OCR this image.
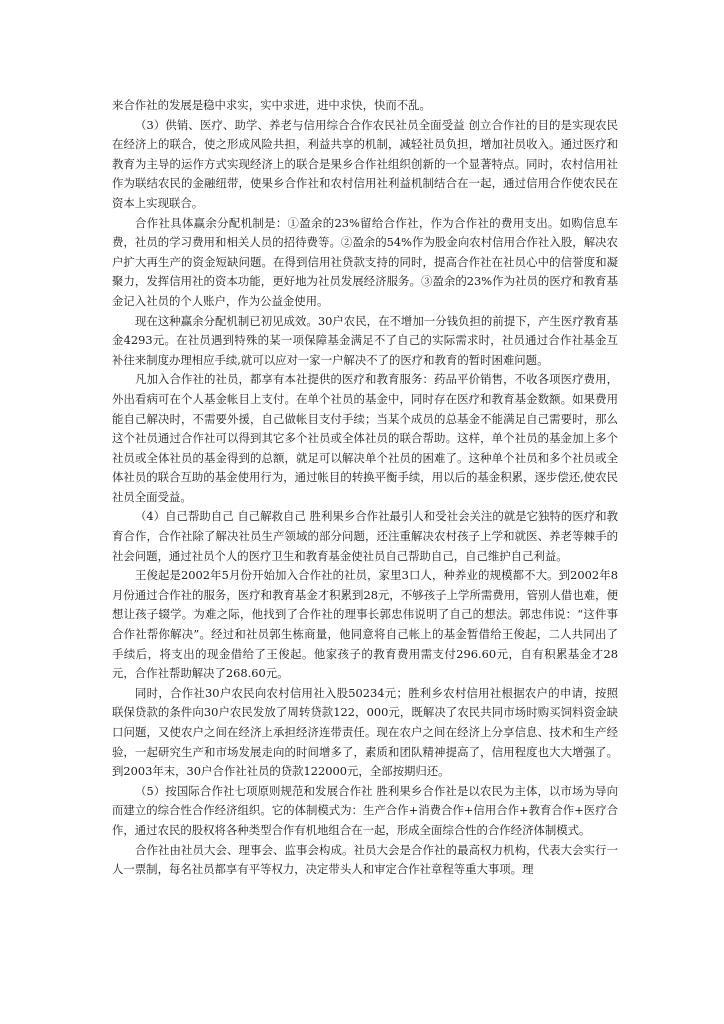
来合作社的发展是稳中求实，实中求进，进中求快，快而不乱。

（3）供销、医疗、助学、养老与信用综合合作农民社员全面受益 创立合作社的目的是实现农民在经济上的联合，使之形成风险共担，利益共享的机制，减轻社员负担，增加社员收入。通过医疗和教育为主导的运作方式实现经济上的联合是果乡合作社组织创新的一个显著特点。同时，农村信用社作为联结农民的金融纽带，使果乡合作社和农村信用社利益机制结合在一起，通过信用合作使农民在资本上实现联合。

合作社具体赢余分配机制是：①盈余的23%留给合作社，作为合作社的费用支出。如购信息车费，社员的学习费用和相关人员的招待费等。②盈余的54%作为股金向农村信用合作社入股，解决农户扩大再生产的资金短缺问题。在得到信用社贷款支持的同时，提高合作社在社员心中的信誉度和凝聚力，发挥信用社的资本功能，更好地为社员发展经济服务。③盈余的23%作为社员的医疗和教育基金记入社员的个人账户，作为公益金使用。

现在这种赢余分配机制已初见成效。30户农民，在不增加一分钱负担的前提下，产生医疗教育基金4293元。在社员遇到特殊的某一项保障基金满足不了自己的实际需求时，社员通过合作社基金互补往来制度办理相应手续,就可以应对一家一户解决不了的医疗和教育的暂时困难问题。

凡加入合作社的社员，都享有本社提供的医疗和教育服务：药品平价销售，不收各项医疗费用，外出看病可在个人基金帐目上支付。在单个社员的基金中，同时存在医疗和教育基金数额。如果费用能自己解决时，不需要外援，自己做帐目支付手续；当某个成员的总基金不能满足自己需要时，那么这个社员通过合作社可以得到其它多个社员或全体社员的联合帮助。这样，单个社员的基金加上多个社员或全体社员的基金得到的总额，就足可以解决单个社员的困难了。这种单个社员和多个社员或全体社员的联合互助的基金使用行为，通过帐目的转换平衡手续，用以后的基金积累，逐步偿还,使农民社员全面受益。

（4）自己帮助自己 自己解救自己 胜利果乡合作社最引人和受社会关注的就是它独特的医疗和教育合作，合作社除了解决社员生产领域的部分问题，还注重解决农村孩子上学和就医、养老等棘手的社会问题，通过社员个人的医疗卫生和教育基金使社员自己帮助自己，自己维护自己利益。

王俊起是2002年5月份开始加入合作社的社员，家里3口人，种养业的规模都不大。到2002年8月份通过合作社的服务，医疗和教育基金才积累到28元，不够孩子上学所需费用，管别人借也难，便想让孩子辍学。为难之际，他找到了合作社的理事长郭忠伟说明了自己的想法。郭忠伟说：“这件事合作社帮你解决”。经过和社员郭生栋商量，他同意将自己帐上的基金暂借给王俊起，二人共同出了手续后，将支出的现金借给了王俊起。他家孩子的教育费用需支付296.60元，自有积累基金才28元，合作社帮助解决了268.60元。

同时，合作社30户农民向农村信用社入股50234元；胜利乡农村信用社根据农户的申请，按照联保贷款的条件向30户农民发放了周转贷款122，000元，既解决了农民共同市场时购买饲料资金缺口问题，又使农户之间在经济上承担经济连带责任。现在农户之间在经济上分享信息、技术和生产经验，一起研究生产和市场发展走向的时间增多了，素质和团队精神提高了，信用程度也大大增强了。到2003年末，30户合作社社员的贷款122000元，全部按期归还。

（5）按国际合作社七项原则规范和发展合作社 胜利果乡合作社是以农民为主体，以市场为导向而建立的综合性合作经济组织。它的体制模式为：生产合作+消费合作+信用合作+教育合作+医疗合作，通过农民的股权将各种类型合作有机地组合在一起，形成全面综合性的合作经济体制模式。

合作社由社员大会、理事会、监事会构成。社员大会是合作社的最高权力机构，代表大会实行一人一票制，每名社员都享有平等权力，决定带头人和审定合作社章程等重大事项。理
